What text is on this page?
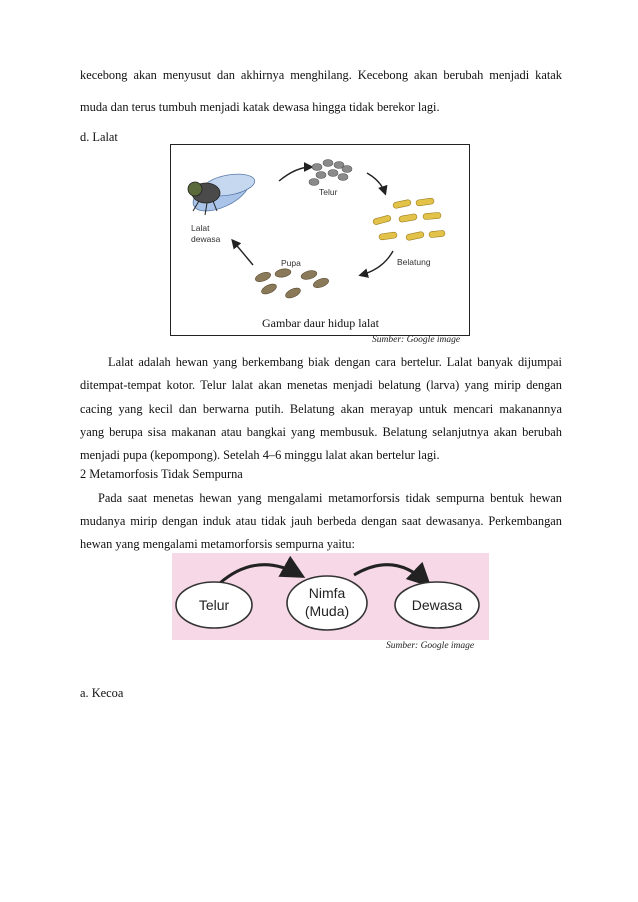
kecebong akan menyusut dan akhirnya menghilang. Kecebong akan berubah menjadi katak
muda dan terus tumbuh menjadi katak dewasa hingga tidak berekor lagi.
d. Lalat
Telur
Belatung
Pupa
Lalat
dewasa
Gambar daur hidup lalat
Sumber: Google image
Lalat adalah hewan yang berkembang biak dengan cara bertelur. Lalat banyak dijumpai
ditempat-tempat kotor. Telur lalat akan menetas menjadi belatung (larva) yang mirip dengan
cacing yang kecil dan berwarna putih. Belatung akan merayap untuk mencari makanannya
yang berupa sisa makanan atau bangkai yang membusuk. Belatung selanjutnya akan berubah
menjadi pupa (kepompong). Setelah 4–6 minggu lalat akan bertelur lagi.
2 Metamorfosis Tidak Sempurna
Pada saat menetas hewan yang mengalami metamorforsis tidak sempurna bentuk hewan
mudanya mirip dengan induk atau tidak jauh berbeda dengan saat dewasanya. Perkembangan
hewan yang mengalami metamorforsis sempurna yaitu:
Telur
Nimfa
(Muda)	Dewasa
Sumber: Google image
a. Kecoa
